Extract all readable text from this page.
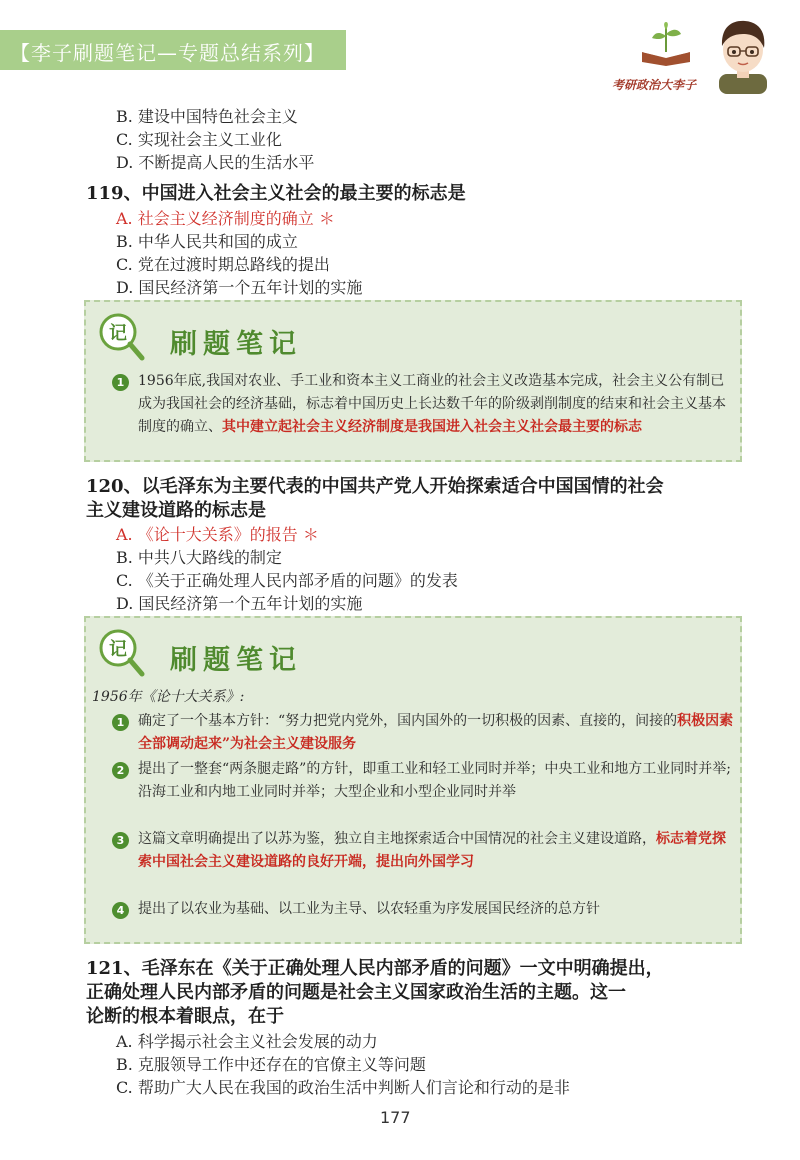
【李子刷题笔记—专题总结系列】
考研政治大李子
B. 建设中国特色社会主义
C. 实现社会主义工业化
D. 不断提高人民的生活水平
119、中国进入社会主义社会的最主要的标志是
A. 社会主义经济制度的确立 ＊
B. 中华人民共和国的成立
C. 党在过渡时期总路线的提出
D. 国民经济第一个五年计划的实施
记 刷题笔记
1 1956年底,我国对农业、手工业和资本主义工商业的社会主义改造基本完成，社会主义公有制已成为我国社会的经济基础，标志着中国历史上长达数千年的阶级剥削制度的结束和社会主义基本制度的确立、其中建立起社会主义经济制度是我国进入社会主义社会最主要的标志
120、以毛泽东为主要代表的中国共产党人开始探索适合中国国情的社会
主义建设道路的标志是
A. 《论十大关系》的报告 ＊
B. 中共八大路线的制定
C. 《关于正确处理人民内部矛盾的问题》的发表
D. 国民经济第一个五年计划的实施
记 刷题笔记
1956年《论十大关系》:
1 确定了一个基本方针：“努力把党内党外，国内国外的一切积极的因素、直接的，间接的积极因素全部调动起来”为社会主义建设服务
2 提出了一整套“两条腿走路”的方针，即重工业和轻工业同时并举；中央工业和地方工业同时并举;沿海工业和内地工业同时并举；大型企业和小型企业同时并举
3 这篇文章明确提出了以苏为鉴，独立自主地探索适合中国情况的社会主义建设道路，标志着党探索中国社会主义建设道路的良好开端，提出向外国学习
4 提出了以农业为基础、以工业为主导、以农轻重为序发展国民经济的总方针
121、毛泽东在《关于正确处理人民内部矛盾的问题》一文中明确提出，
正确处理人民内部矛盾的问题是社会主义国家政治生活的主题。这一
论断的根本着眼点，在于
A. 科学揭示社会主义社会发展的动力
B. 克服领导工作中还存在的官僚主义等问题
C. 帮助广大人民在我国的政治生活中判断人们言论和行动的是非
177
